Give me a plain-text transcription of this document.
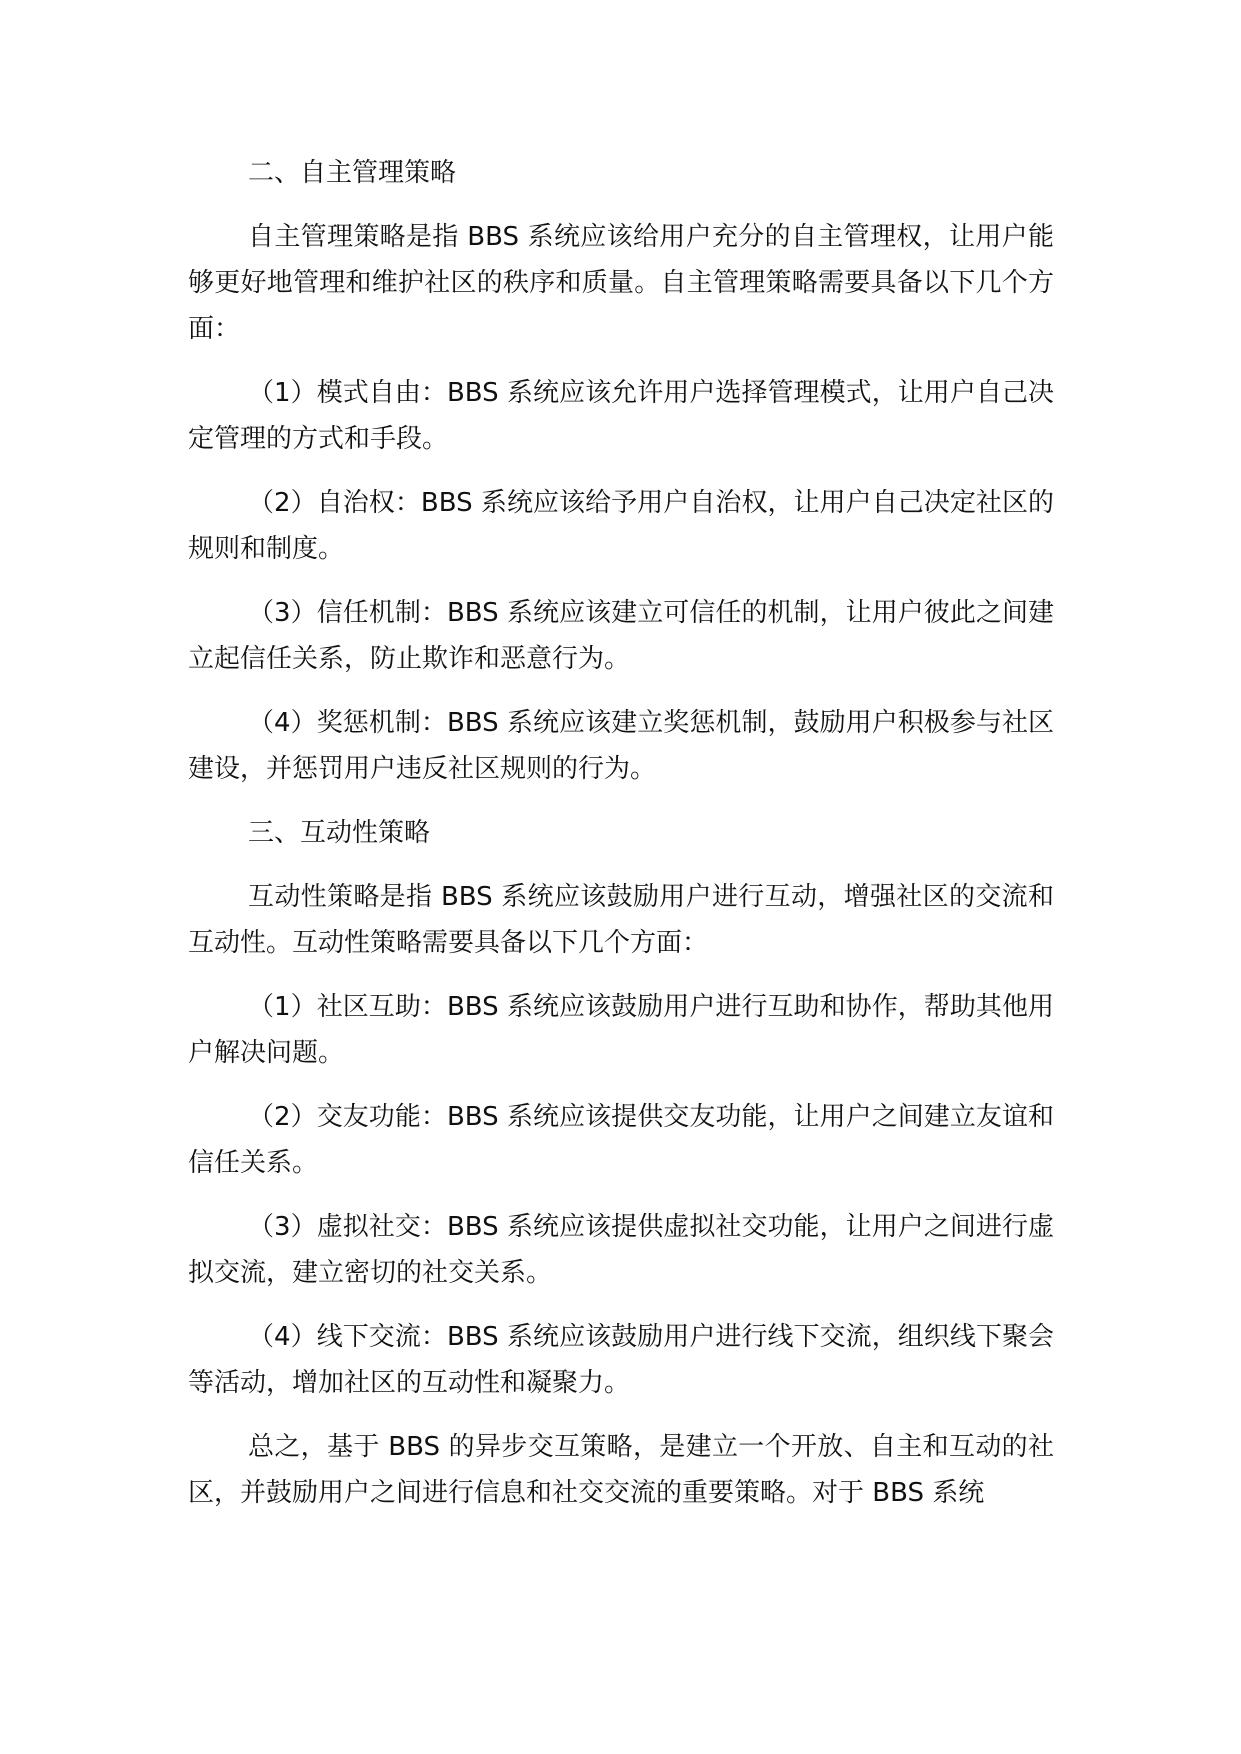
二、自主管理策略
自主管理策略是指 BBS 系统应该给用户充分的自主管理权，让用户能够更好地管理和维护社区的秩序和质量。自主管理策略需要具备以下几个方面：
（1）模式自由：BBS 系统应该允许用户选择管理模式，让用户自己决定管理的方式和手段。
（2）自治权：BBS 系统应该给予用户自治权，让用户自己决定社区的规则和制度。
（3）信任机制：BBS 系统应该建立可信任的机制，让用户彼此之间建立起信任关系，防止欺诈和恶意行为。
（4）奖惩机制：BBS 系统应该建立奖惩机制，鼓励用户积极参与社区建设，并惩罚用户违反社区规则的行为。
三、互动性策略
互动性策略是指 BBS 系统应该鼓励用户进行互动，增强社区的交流和互动性。互动性策略需要具备以下几个方面：
（1）社区互助：BBS 系统应该鼓励用户进行互助和协作，帮助其他用户解决问题。
（2）交友功能：BBS 系统应该提供交友功能，让用户之间建立友谊和信任关系。
（3）虚拟社交：BBS 系统应该提供虚拟社交功能，让用户之间进行虚拟交流，建立密切的社交关系。
（4）线下交流：BBS 系统应该鼓励用户进行线下交流，组织线下聚会等活动，增加社区的互动性和凝聚力。
总之，基于 BBS 的异步交互策略，是建立一个开放、自主和互动的社区，并鼓励用户之间进行信息和社交交流的重要策略。对于 BBS 系统
